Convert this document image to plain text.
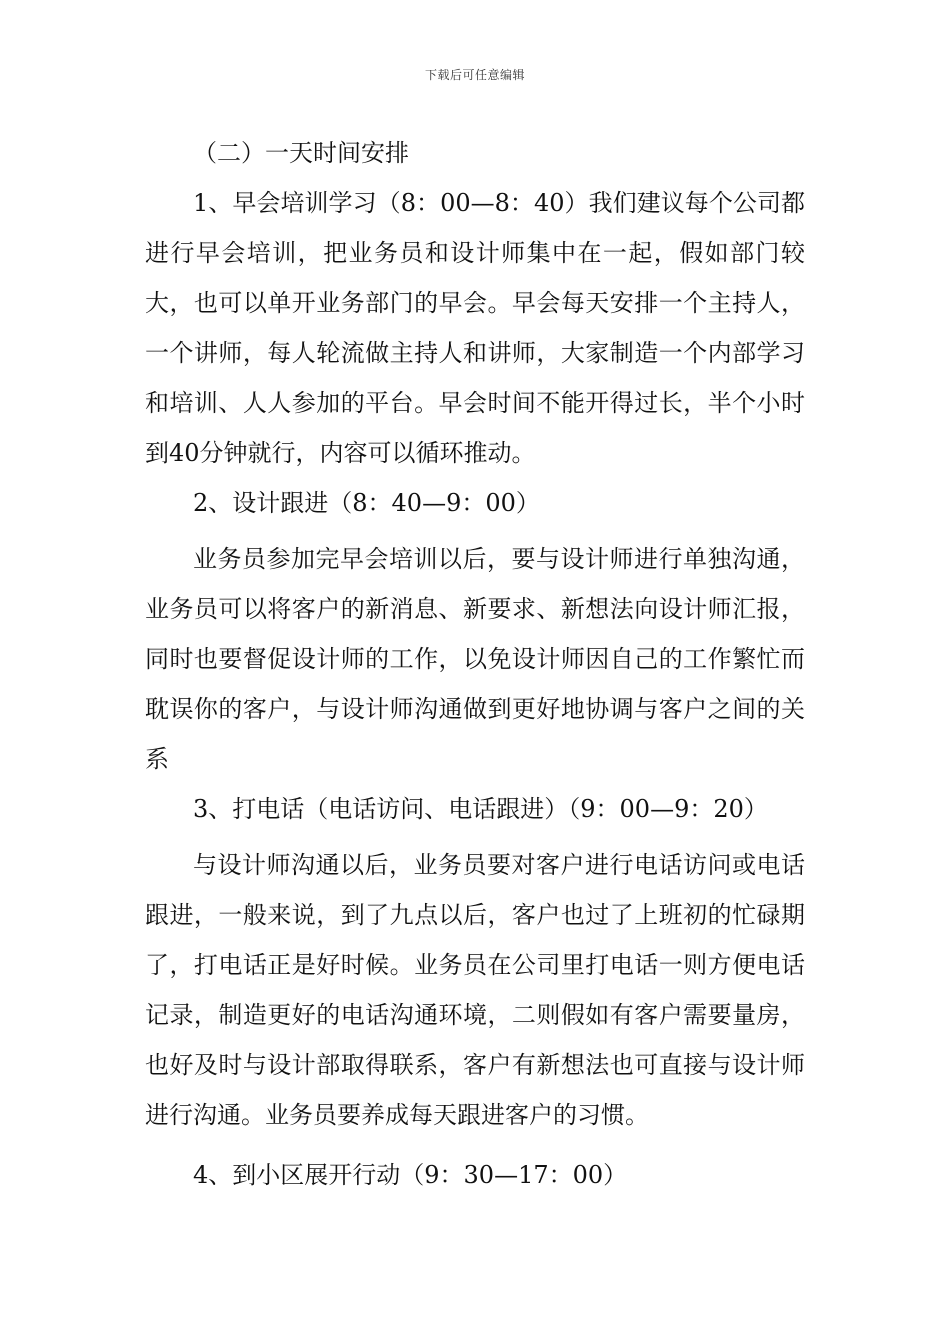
下载后可任意编辑

（二）一天时间安排

1、早会培训学习（8：00—8：40）我们建议每个公司都进行早会培训，把业务员和设计师集中在一起，假如部门较大，也可以单开业务部门的早会。早会每天安排一个主持人，一个讲师，每人轮流做主持人和讲师，大家制造一个内部学习和培训、人人参加的平台。早会时间不能开得过长，半个小时到40分钟就行，内容可以循环推动。

2、设计跟进（8：40—9：00）

业务员参加完早会培训以后，要与设计师进行单独沟通，业务员可以将客户的新消息、新要求、新想法向设计师汇报，同时也要督促设计师的工作，以免设计师因自己的工作繁忙而耽误你的客户，与设计师沟通做到更好地协调与客户之间的关系

3、打电话（电话访问、电话跟进）（9：00—9：20）

与设计师沟通以后，业务员要对客户进行电话访问或电话跟进，一般来说，到了九点以后，客户也过了上班初的忙碌期了，打电话正是好时候。业务员在公司里打电话一则方便电话记录，制造更好的电话沟通环境，二则假如有客户需要量房，也好及时与设计部取得联系，客户有新想法也可直接与设计师进行沟通。业务员要养成每天跟进客户的习惯。

4、到小区展开行动（9：30—17：00）
